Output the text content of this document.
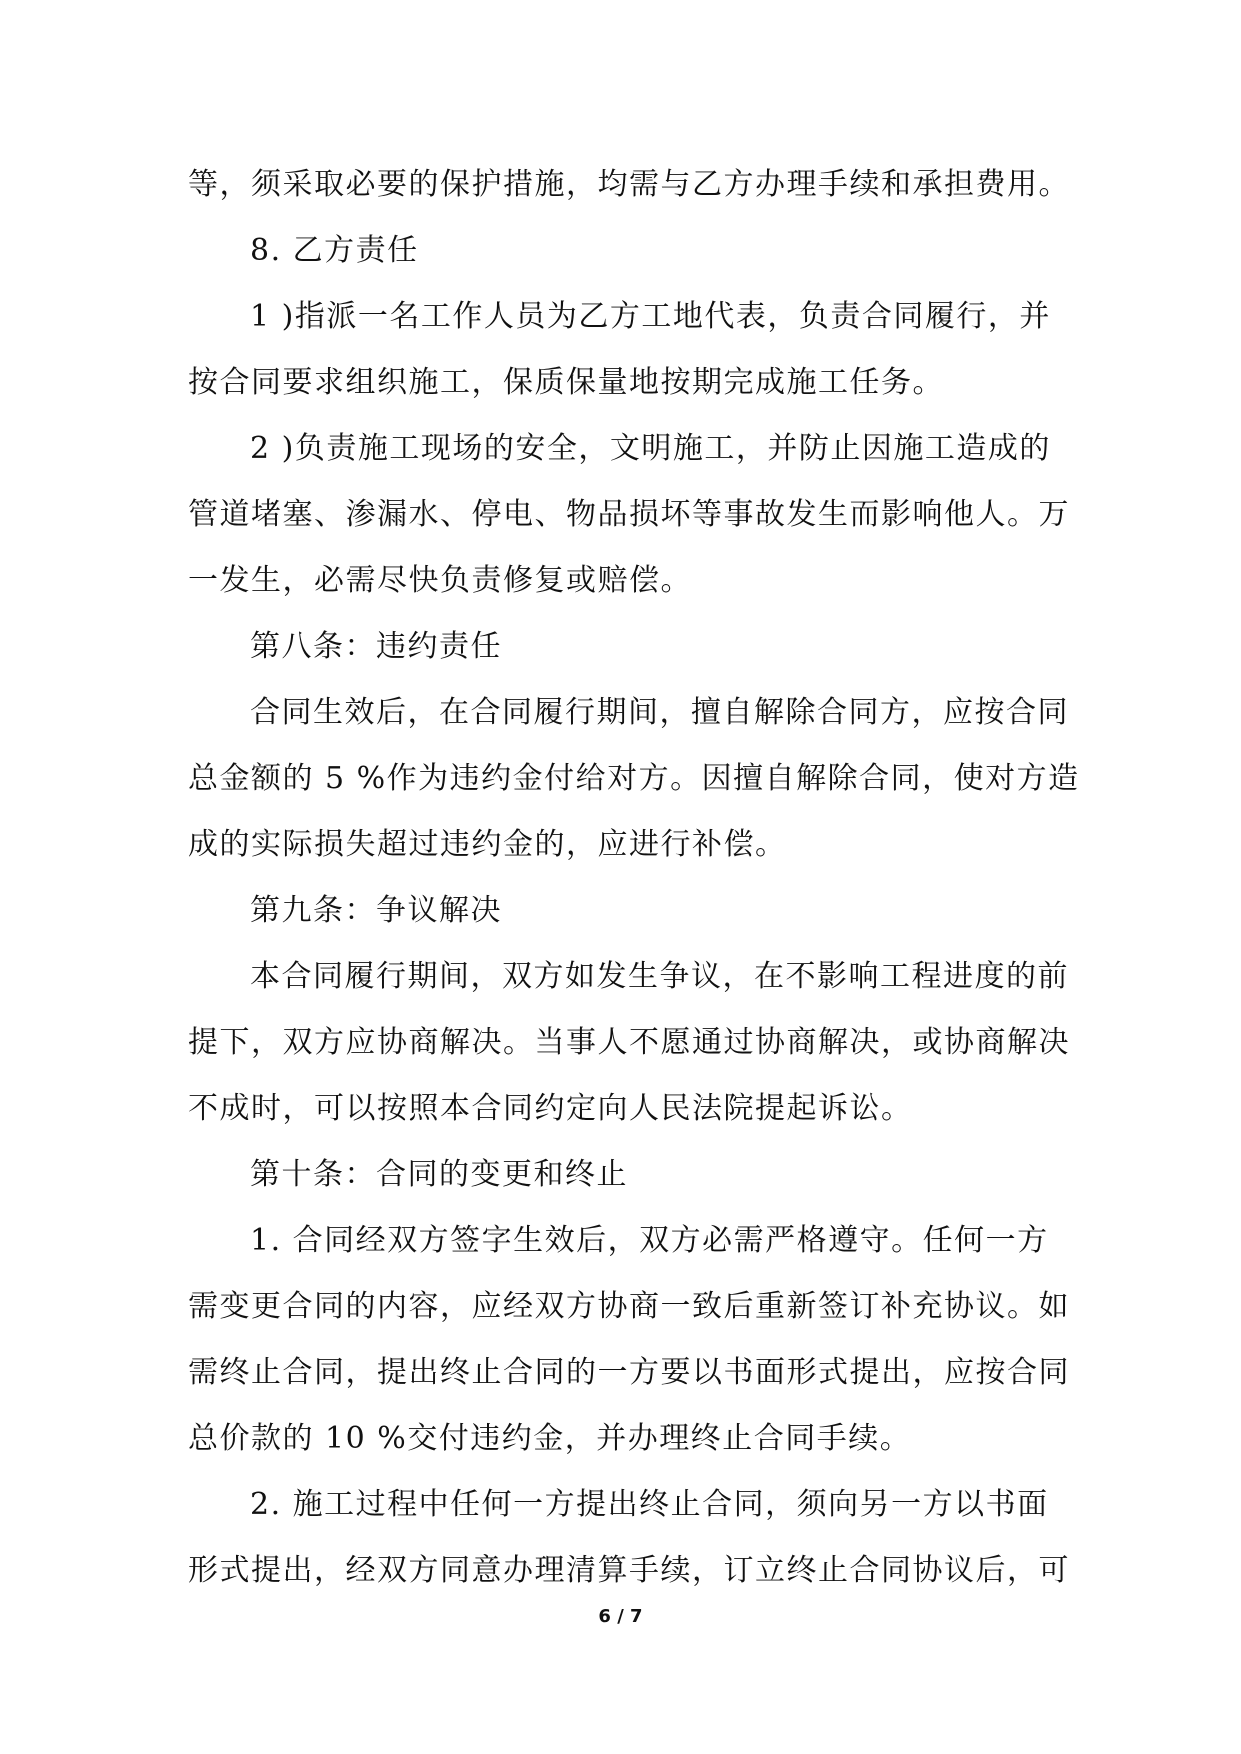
等，须采取必要的保护措施，均需与乙方办理手续和承担费用。
8. 乙方责任
1 )指派一名工作人员为乙方工地代表，负责合同履行，并
按合同要求组织施工，保质保量地按期完成施工任务。
2 )负责施工现场的安全，文明施工，并防止因施工造成的
管道堵塞、渗漏水、停电、物品损坏等事故发生而影响他人。万
一发生，必需尽快负责修复或赔偿。
第八条：违约责任
合同生效后，在合同履行期间，擅自解除合同方，应按合同
总金额的 5 %作为违约金付给对方。因擅自解除合同，使对方造
成的实际损失超过违约金的，应进行补偿。
第九条：争议解决
本合同履行期间，双方如发生争议，在不影响工程进度的前
提下，双方应协商解决。当事人不愿通过协商解决，或协商解决
不成时，可以按照本合同约定向人民法院提起诉讼。
第十条：合同的变更和终止
1. 合同经双方签字生效后，双方必需严格遵守。任何一方
需变更合同的内容，应经双方协商一致后重新签订补充协议。如
需终止合同，提出终止合同的一方要以书面形式提出，应按合同
总价款的 10 %交付违约金，并办理终止合同手续。
2. 施工过程中任何一方提出终止合同，须向另一方以书面
形式提出，经双方同意办理清算手续，订立终止合同协议后，可
6 / 7
